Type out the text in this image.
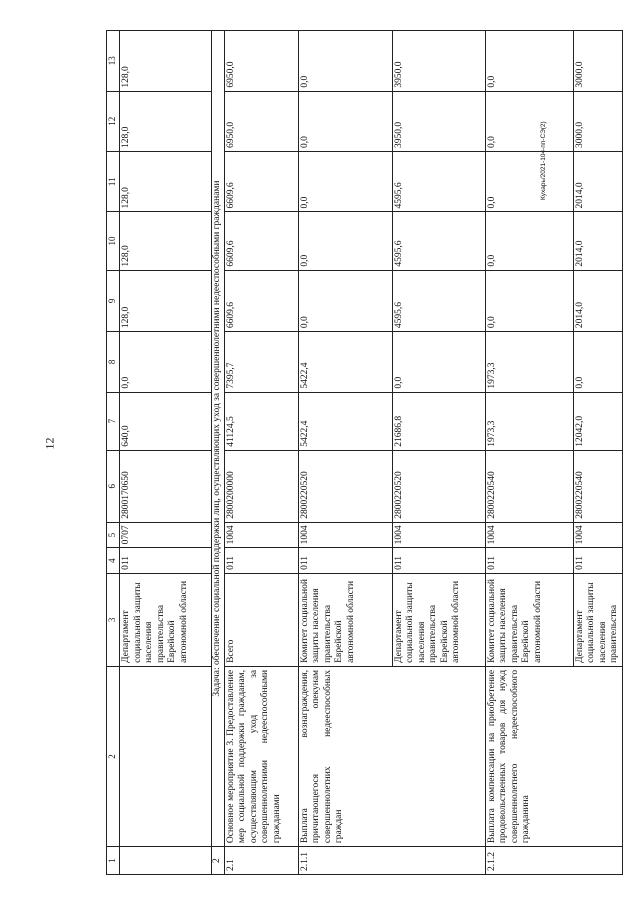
12
Кухарь/2021-104-пп-СЭ(2)
1	2	3	4	5	6	7	8	9	10	11	12	13
		Департамент социальной защиты населения правительства Еврейской автономной области	011	0707	2800170650	640,0	0,0	128,0	128,0	128,0	128,0	128,0
2	Задача: обеспечение социальной поддержки лиц, осуществляющих уход за совершеннолетними недееспособными гражданами											
2.1	Основное мероприятие 3. Предоставление мер социальной поддержки гражданам, осуществляющим уход за совершеннолетними недееспособными гражданами	Всего	011	1004	2800200000	41124,5	7395,7	6609,6	6609,6	6609,6	6950,0	6950,0
2.1.1	Выплата вознаграждения, причитающегося опекунам совершеннолетних недееспособных граждан	Комитет социальной защиты населения правительства Еврейской автономной области	011	1004	2800220520	5422,4	5422,4	0,0	0,0	0,0	0,0	0,0
		Департамент социальной защиты населения правительства Еврейской автономной области	011	1004	2800220520	21686,8	0,0	4595,6	4595,6	4595,6	3950,0	3950,0
2.1.2	Выплата компенсации на приобретение продовольственных товаров для нужд совершеннолетнего недееспособного гражданина	Комитет социальной защиты населения правительства Еврейской автономной области	011	1004	2800220540	1973,3	1973,3	0,0	0,0	0,0	0,0	0,0
		Департамент социальной защиты населения правительства	011	1004	2800220540	12042,0	0,0	2014,0	2014,0	2014,0	3000,0	3000,0
